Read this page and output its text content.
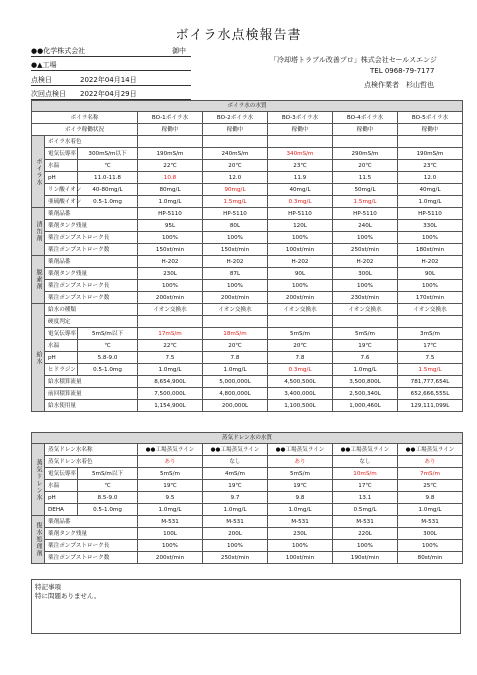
ボイラ水点検報告書
●●化学株式会社	御中
●▲工場
点検日	2022年04月14日
次回点検日 2022年04月29日
「冷却塔トラブル改善プロ」株式会社セールスエンジ
TEL 0968-79-7177
点検作業者　杉山哲也
ボイラ水の水質							
ボイラ名称			BO-1ボイラ水	BO-2ボイラ水	BO-3ボイラ水	BO-4ボイラ水	BO-5ボイラ水
ボイラ稼働状況			稼働中	稼働中	稼働中	稼働中	稼働中
ボイラ水	ボイラ水着色						
	電気伝導率	300mS/m以下	190mS/m	240mS/m	340mS/m	290mS/m	190mS/m
	水温	℃	22℃	20℃	23℃	20℃	23℃
	pH	11.0-11.8	10.8	12.0	11.9	11.5	12.0
	リン酸イオン	40-80mg/L	80mg/L	90mg/L	40mg/L	50mg/L	40mg/L
	亜硫酸イオン	0.5-1.0mg	1.0mg/L	1.5mg/L	0.3mg/L	1.5mg/L	1.0mg/L
清缶剤	薬剤品番		HP-5110	HP-5110	HP-5110	HP-5110	HP-5110
	薬剤タンク残量		95L	80L	120L	240L	330L
	薬注ポンプストローク長		100%	100%	100%	100%	100%
	薬注ポンプストローク数		150st/min	150st/min	100st/min	250st/min	180st/min
脱素剤	薬剤品番		H-202	H-202	H-202	H-202	H-202
	薬剤タンク残量		230L	87L	90L	300L	90L
	薬注ポンプストローク長		100%	100%	100%	100%	100%
	薬注ポンプストローク数		200st/min	200st/min	200st/min	230st/min	170st/min
給水	給水の種類		イオン交換水	イオン交換水	イオン交換水	イオン交換水	イオン交換水
	硬度判定						
	電気伝導率	5mS/m以下	17mS/m	18mS/m	5mS/m	5mS/m	3mS/m
	水温	℃	22℃	20℃	20℃	19℃	17℃
	pH	5.8-9.0	7.5	7.8	7.8	7.6	7.5
	ヒドラジン	0.5-1.0mg	1.0mg/L	1.0mg/L	0.3mg/L	1.0mg/L	1.5mg/L
	給水積算流量		8,654,900L	5,000,000L	4,500,500L	3,500,800L	781,777,654L
	前回積算流量		7,500,000L	4,800,000L	3,400,000L	2,500,340L	652,666,555L
	給水使用量		1,154,900L	200,000L	1,100,500L	1,000,460L	129,111,099L
蒸気ドレン水の水質							
蒸気ドレン水	蒸気ドレン水名称		●●工場蒸気ライン	●●工場蒸気ライン	●●工場蒸気ライン	●●工場蒸気ライン	●●工場蒸気ライン
	蒸気ドレン水着色		あり	なし	あり	なし	あり
	電気伝導率	5mS/m以下	5mS/m	4mS/m	5mS/m	10mS/m	7mS/m
	水温	℃	19℃	19℃	19℃	17℃	25℃
	pH	8.5-9.0	9.5	9.7	9.8	13.1	9.8
	DEHA	0.5-1.0mg	1.0mg/L	1.0mg/L	1.0mg/L	0.5mg/L	1.0mg/L
復水処理剤	薬剤品番		M-531	M-531	M-531	M-531	M-531
	薬剤タンク残量		100L	200L	230L	220L	300L
	薬注ポンプストローク長		100%	100%	100%	100%	100%
	薬注ポンプストローク数		200st/min	250st/min	100st/min	190st/min	80st/min
特記事項
特に問題ありません。
